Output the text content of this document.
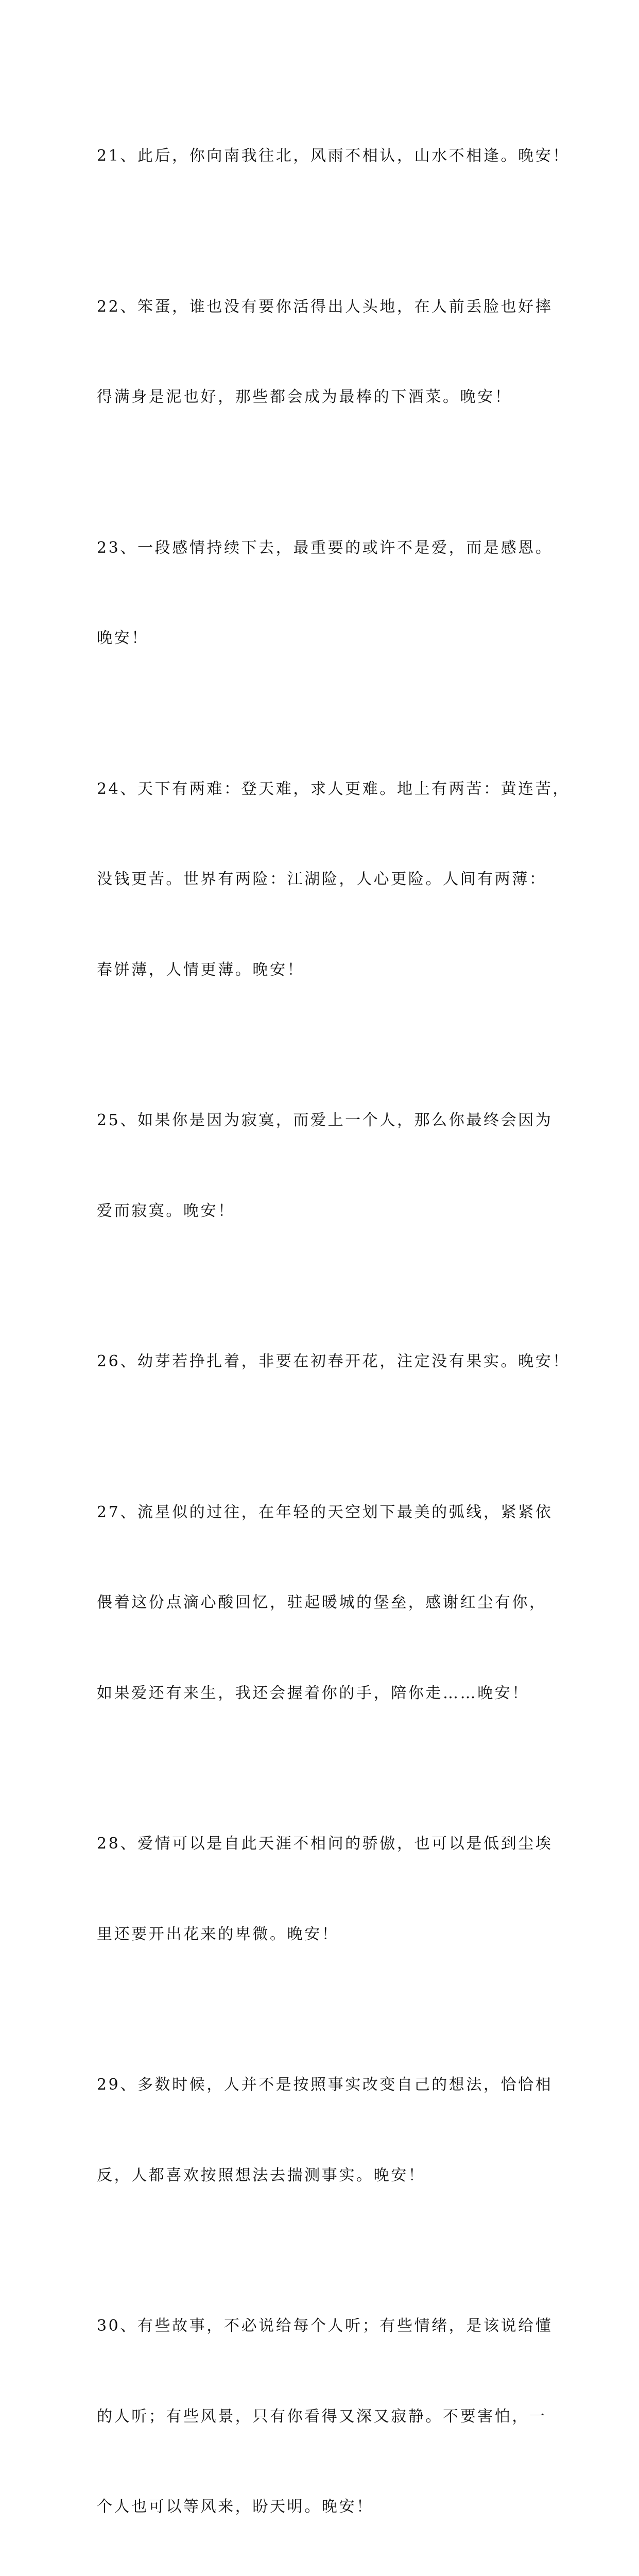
21、此后，你向南我往北，风雨不相认，山水不相逢。晚安！

22、笨蛋，谁也没有要你活得出人头地，在人前丢脸也好摔

得满身是泥也好，那些都会成为最棒的下酒菜。晚安！

23、一段感情持续下去，最重要的或许不是爱，而是感恩。

晚安！

24、天下有两难：登天难，求人更难。地上有两苦：黄连苦，

没钱更苦。世界有两险：江湖险，人心更险。人间有两薄：

春饼薄，人情更薄。晚安！

25、如果你是因为寂寞，而爱上一个人，那么你最终会因为

爱而寂寞。晚安！

26、幼芽若挣扎着，非要在初春开花，注定没有果实。晚安！

27、流星似的过往，在年轻的天空划下最美的弧线，紧紧依

偎着这份点滴心酸回忆，驻起暖城的堡垒，感谢红尘有你，

如果爱还有来生，我还会握着你的手，陪你走……晚安！

28、爱情可以是自此天涯不相问的骄傲，也可以是低到尘埃

里还要开出花来的卑微。晚安！

29、多数时候，人并不是按照事实改变自己的想法，恰恰相

反，人都喜欢按照想法去揣测事实。晚安！

30、有些故事，不必说给每个人听；有些情绪，是该说给懂

的人听；有些风景，只有你看得又深又寂静。不要害怕，一

个人也可以等风来，盼天明。晚安！
